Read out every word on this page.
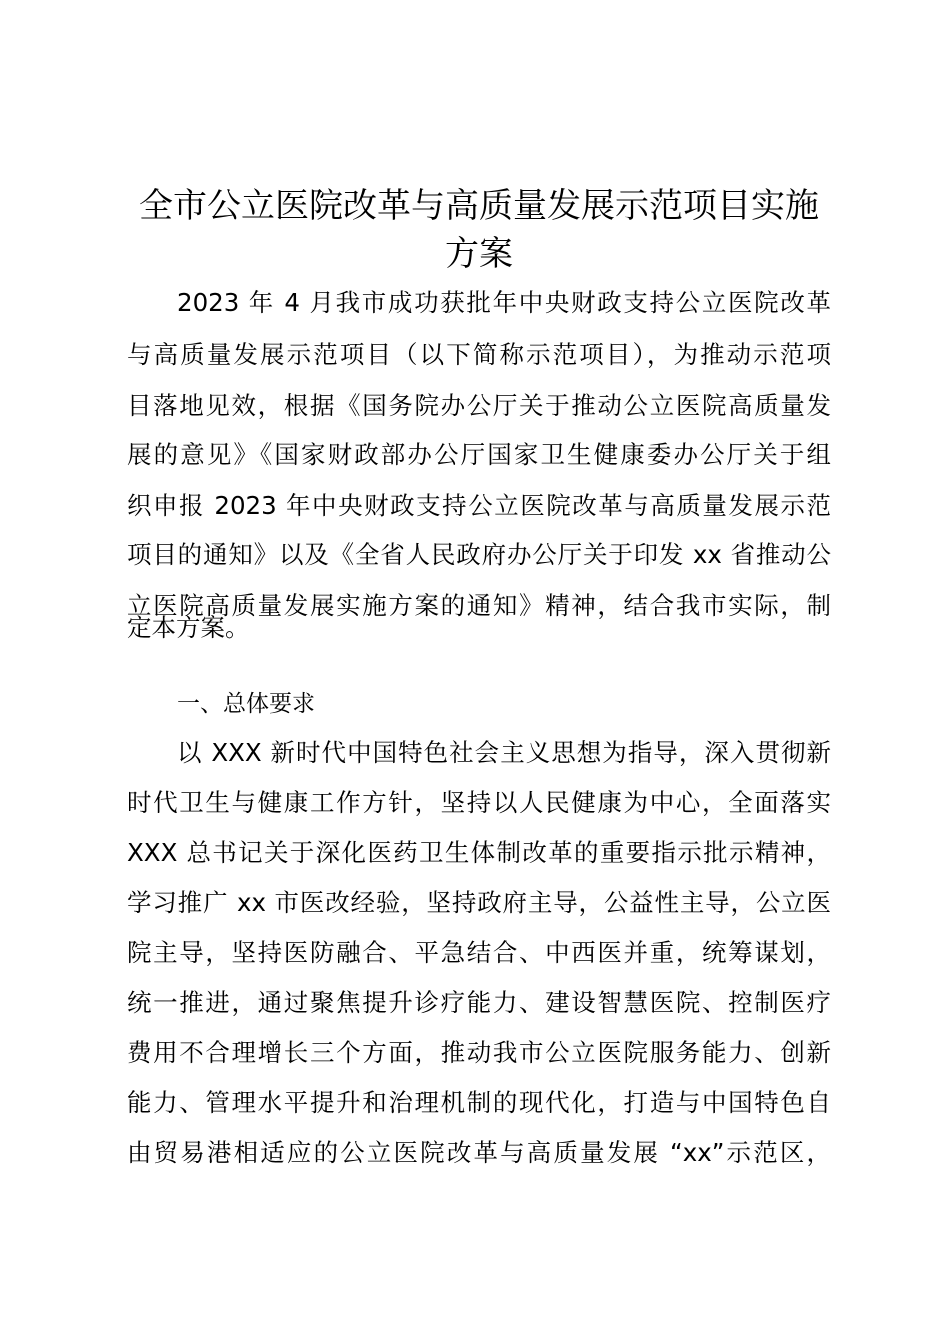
全市公立医院改革与高质量发展示范项目实施
方案

2023 年 4 月我市成功获批年中央财政支持公立医院改革

与高质量发展示范项目（以下简称示范项目），为推动示范项

目落地见效，根据《国务院办公厅关于推动公立医院高质量发

展的意见》《国家财政部办公厅国家卫生健康委办公厅关于组

织申报 2023 年中央财政支持公立医院改革与高质量发展示范

项目的通知》以及《全省人民政府办公厅关于印发 xx 省推动公

立医院高质量发展实施方案的通知》精神，结合我市实际，制

定本方案。

一、总体要求

以 XXX 新时代中国特色社会主义思想为指导，深入贯彻新

时代卫生与健康工作方针，坚持以人民健康为中心，全面落实

XXX 总书记关于深化医药卫生体制改革的重要指示批示精神，

学习推广 xx 市医改经验，坚持政府主导，公益性主导，公立医

院主导，坚持医防融合、平急结合、中西医并重，统筹谋划，

统一推进，通过聚焦提升诊疗能力、建设智慧医院、控制医疗

费用不合理增长三个方面，推动我市公立医院服务能力、创新

能力、管理水平提升和治理机制的现代化，打造与中国特色自

由贸易港相适应的公立医院改革与高质量发展 “xx”示范区，
